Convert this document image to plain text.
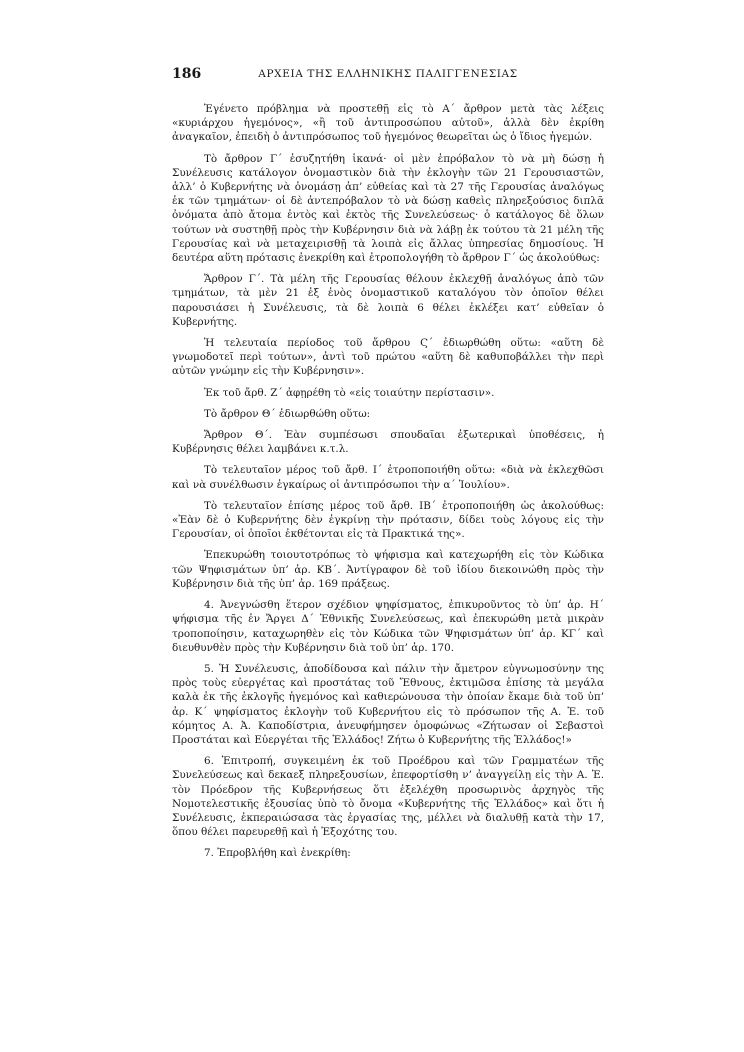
186	ΑΡΧΕΙΑ ΤΗΣ ΕΛΛΗΝΙΚΗΣ ΠΑΛΙΓΓΕΝΕΣΙΑΣ

Ἐγένετο πρόβλημα νὰ προστεθῇ εἰς τὸ Α΄ ἄρθρον μετὰ τὰς λέξεις «κυριάρχου ἡγεμόνος», «ἢ τοῦ ἀντιπροσώπου αὐτοῦ», ἀλλὰ δὲν ἐκρίθη ἀναγκαῖον, ἐπειδὴ ὁ ἀντιπρόσωπος τοῦ ἡγεμόνος θεωρεῖται ὡς ὁ ἴδιος ἡγεμών.

Τὸ ἄρθρον Γ΄ ἐσυζητήθη ἱκανά· οἱ μὲν ἐπρόβαλον τὸ νὰ μὴ δώσῃ ἡ Συνέλευσις κατάλογον ὀνομαστικὸν διὰ τὴν ἐκλογὴν τῶν 21 Γερουσιαστῶν, ἀλλ’ ὁ Κυβερνήτης νὰ ὀνομάσῃ ἀπ’ εὐθείας καὶ τὰ 27 τῆς Γερουσίας ἀναλόγως ἐκ τῶν τμημάτων· οἱ δὲ ἀντεπρόβαλον τὸ νὰ δώσῃ καθεὶς πληρεξούσιος διπλᾶ ὀνόματα ἀπὸ ἄτομα ἐντὸς καὶ ἐκτὸς τῆς Συνελεύσεως· ὁ κατάλογος δὲ ὅλων τούτων νὰ συστηθῇ πρὸς τὴν Κυβέρνησιν διὰ νὰ λάβῃ ἐκ τούτου τὰ 21 μέλη τῆς Γερουσίας καὶ νὰ μεταχειρισθῇ τὰ λοιπὰ εἰς ἄλλας ὑπηρεσίας δημοσίους. Ἡ δευτέρα αὕτη πρότασις ἐνεκρίθη καὶ ἐτροπολογήθη τὸ ἄρθρον Γ΄ ὡς ἀκολούθως:

Ἄρθρον Γ΄. Τὰ μέλη τῆς Γερουσίας θέλουν ἐκλεχθῇ ἀναλόγως ἀπὸ τῶν τμημάτων, τὰ μὲν 21 ἐξ ἑνὸς ὀνομαστικοῦ καταλόγου τὸν ὁποῖον θέλει παρουσιάσει ἡ Συνέλευσις, τὰ δὲ λοιπὰ 6 θέλει ἐκλέξει κατ’ εὐθεῖαν ὁ Κυβερνήτης.

Ἡ τελευταία περίοδος τοῦ ἄρθρου Ϛ΄ ἐδιωρθώθη οὕτω: «αὕτη δὲ γνωμοδοτεῖ περὶ τούτων», ἀντὶ τοῦ πρώτου «αὕτη δὲ καθυποβάλλει τὴν περὶ αὐτῶν γνώμην εἰς τὴν Κυβέρνησιν».

Ἐκ τοῦ ἄρθ. Ζ΄ ἀφῃρέθη τὸ «εἰς τοιαύτην περίστασιν».

Τὸ ἄρθρον Θ΄ ἐδιωρθώθη οὕτω:

Ἄρθρον Θ΄. Ἐὰν συμπέσωσι σπουδαῖαι ἐξωτερικαὶ ὑποθέσεις, ἡ Κυβέρνησις θέλει λαμβάνει κ.τ.λ.

Τὸ τελευταῖον μέρος τοῦ ἄρθ. Ι΄ ἐτροποποιήθη οὕτω: «διὰ νὰ ἐκλεχθῶσι καὶ νὰ συνέλθωσιν ἐγκαίρως οἱ ἀντιπρόσωποι τὴν α΄ Ἰουλίου».

Τὸ τελευταῖον ἐπίσης μέρος τοῦ ἄρθ. ΙΒ΄ ἐτροποποιήθη ὡς ἀκολούθως: «Ἐὰν δὲ ὁ Κυβερνήτης δὲν ἐγκρίνῃ τὴν πρότασιν, δίδει τοὺς λόγους εἰς τὴν Γερουσίαν, οἱ ὁποῖοι ἐκθέτονται εἰς τὰ Πρακτικά της».

Ἐπεκυρώθη τοιουτοτρόπως τὸ ψήφισμα καὶ κατεχωρήθη εἰς τὸν Κώδικα τῶν Ψηφισμάτων ὑπ’ ἀρ. ΚΒ΄. Ἀντίγραφον δὲ τοῦ ἰδίου διεκοινώθη πρὸς τὴν Κυβέρνησιν διὰ τῆς ὑπ’ ἀρ. 169 πράξεως.

4. Ἀνεγνώσθη ἕτερον σχέδιον ψηφίσματος, ἐπικυροῦντος τὸ ὑπ’ ἀρ. Η΄ ψήφισμα τῆς ἐν Ἄργει Δ΄ Ἐθνικῆς Συνελεύσεως, καὶ ἐπεκυρώθη μετὰ μικρὰν τροποποίησιν, καταχωρηθὲν εἰς τὸν Κώδικα τῶν Ψηφισμάτων ὑπ’ ἀρ. ΚΓ΄ καὶ διευθυνθὲν πρὸς τὴν Κυβέρνησιν διὰ τοῦ ὑπ’ ἀρ. 170.

5. Ἡ Συνέλευσις, ἀποδίδουσα καὶ πάλιν τὴν ἄμετρον εὐγνωμοσύνην της πρὸς τοὺς εὐεργέτας καὶ προστάτας τοῦ Ἔθνους, ἐκτιμῶσα ἐπίσης τὰ μεγάλα καλὰ ἐκ τῆς ἐκλογῆς ἡγεμόνος καὶ καθιερώνουσα τὴν ὁποίαν ἔκαμε διὰ τοῦ ὑπ’ ἀρ. Κ΄ ψηφίσματος ἐκλογὴν τοῦ Κυβερνήτου εἰς τὸ πρόσωπον τῆς Α. Ἐ. τοῦ κόμητος Α. Ἀ. Καποδίστρια, ἀνευφήμησεν ὁμοφώνως «Ζήτωσαν οἱ Σεβαστοὶ Προστάται καὶ Εὐεργέται τῆς Ἑλλάδος! Ζήτω ὁ Κυβερνήτης τῆς Ἑλλάδος!»

6. Ἐπιτροπή, συγκειμένη ἐκ τοῦ Προέδρου καὶ τῶν Γραμματέων τῆς Συνελεύσεως καὶ δεκαεξ πληρεξουσίων, ἐπεφορτίσθη ν’ ἀναγγείλῃ εἰς τὴν Α. Ἐ. τὸν Πρόεδρον τῆς Κυβερνήσεως ὅτι ἐξελέχθη προσωρινὸς ἀρχηγὸς τῆς Νομοτελεστικῆς ἐξουσίας ὑπὸ τὸ ὄνομα «Κυβερνήτης τῆς Ἑλλάδος» καὶ ὅτι ἡ Συνέλευσις, ἐκπεραιώσασα τὰς ἐργασίας της, μέλλει νὰ διαλυθῇ κατὰ τὴν 17, ὅπου θέλει παρευρεθῇ καὶ ἡ Ἐξοχότης του.

7. Ἐπροβλήθη καὶ ἐνεκρίθη:
